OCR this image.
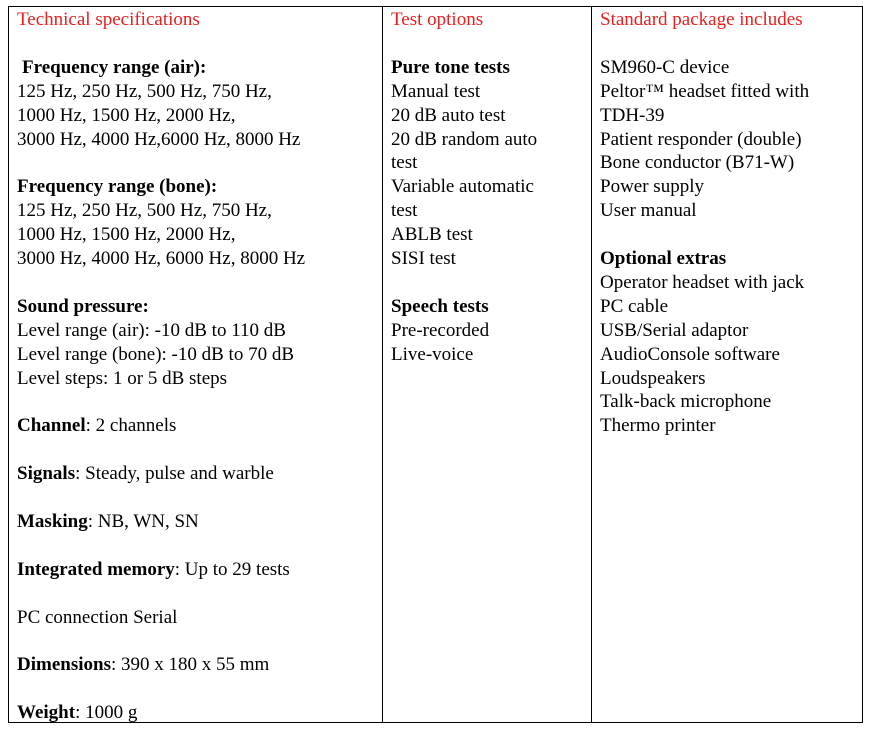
Technical specifications
Frequency range (air):
125 Hz, 250 Hz, 500 Hz, 750 Hz,
1000 Hz, 1500 Hz, 2000 Hz,
3000 Hz, 4000 Hz,6000 Hz, 8000 Hz
Frequency range (bone):
125 Hz, 250 Hz, 500 Hz, 750 Hz,
1000 Hz, 1500 Hz, 2000 Hz,
3000 Hz, 4000 Hz, 6000 Hz, 8000 Hz
Sound pressure:
Level range (air): -10 dB to 110 dB
Level range (bone): -10 dB to 70 dB
Level steps: 1 or 5 dB steps
Channel: 2 channels
Signals: Steady, pulse and warble
Masking: NB, WN, SN
Integrated memory: Up to 29 tests
PC connection Serial
Dimensions: 390 x 180 x 55 mm
Weight: 1000 g
Test options
Pure tone tests
Manual test
20 dB auto test
20 dB random auto
test
Variable automatic
test
ABLB test
SISI test
Speech tests
Pre-recorded
Live-voice
Standard package includes
SM960-C device
Peltor™ headset fitted with
TDH-39
Patient responder (double)
Bone conductor (B71-W)
Power supply
User manual
Optional extras
Operator headset with jack
PC cable
USB/Serial adaptor
AudioConsole software
Loudspeakers
Talk-back microphone
Thermo printer
